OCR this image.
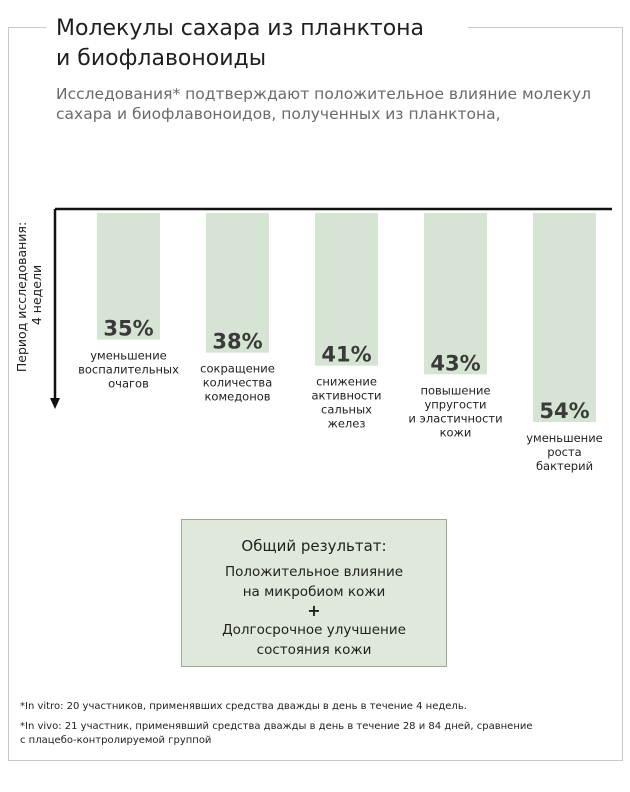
Молекулы сахара из планктона
и биофлавоноиды

Исследования* подтверждают положительное влияние молекул
сахара и биофлавоноидов, полученных из планктона,

Период исследования: 4 недели
35%
уменьшение воспалительных очагов
38%
сокращение количества комедонов
41%
снижение активности сальных желез
43%
повышение упругости и эластичности кожи
54%
уменьшение роста бактерий
Общий результат:
Положительное влияние
на микробиом кожи
+
Долгосрочное улучшение
состояния кожи

*In vitro: 20 участников, применявших средства дважды в день в течение 4 недель.

*In vivo: 21 участник, применявший средства дважды в день в течение 28 и 84 дней, сравнение
с плацебо-контролируемой группой
